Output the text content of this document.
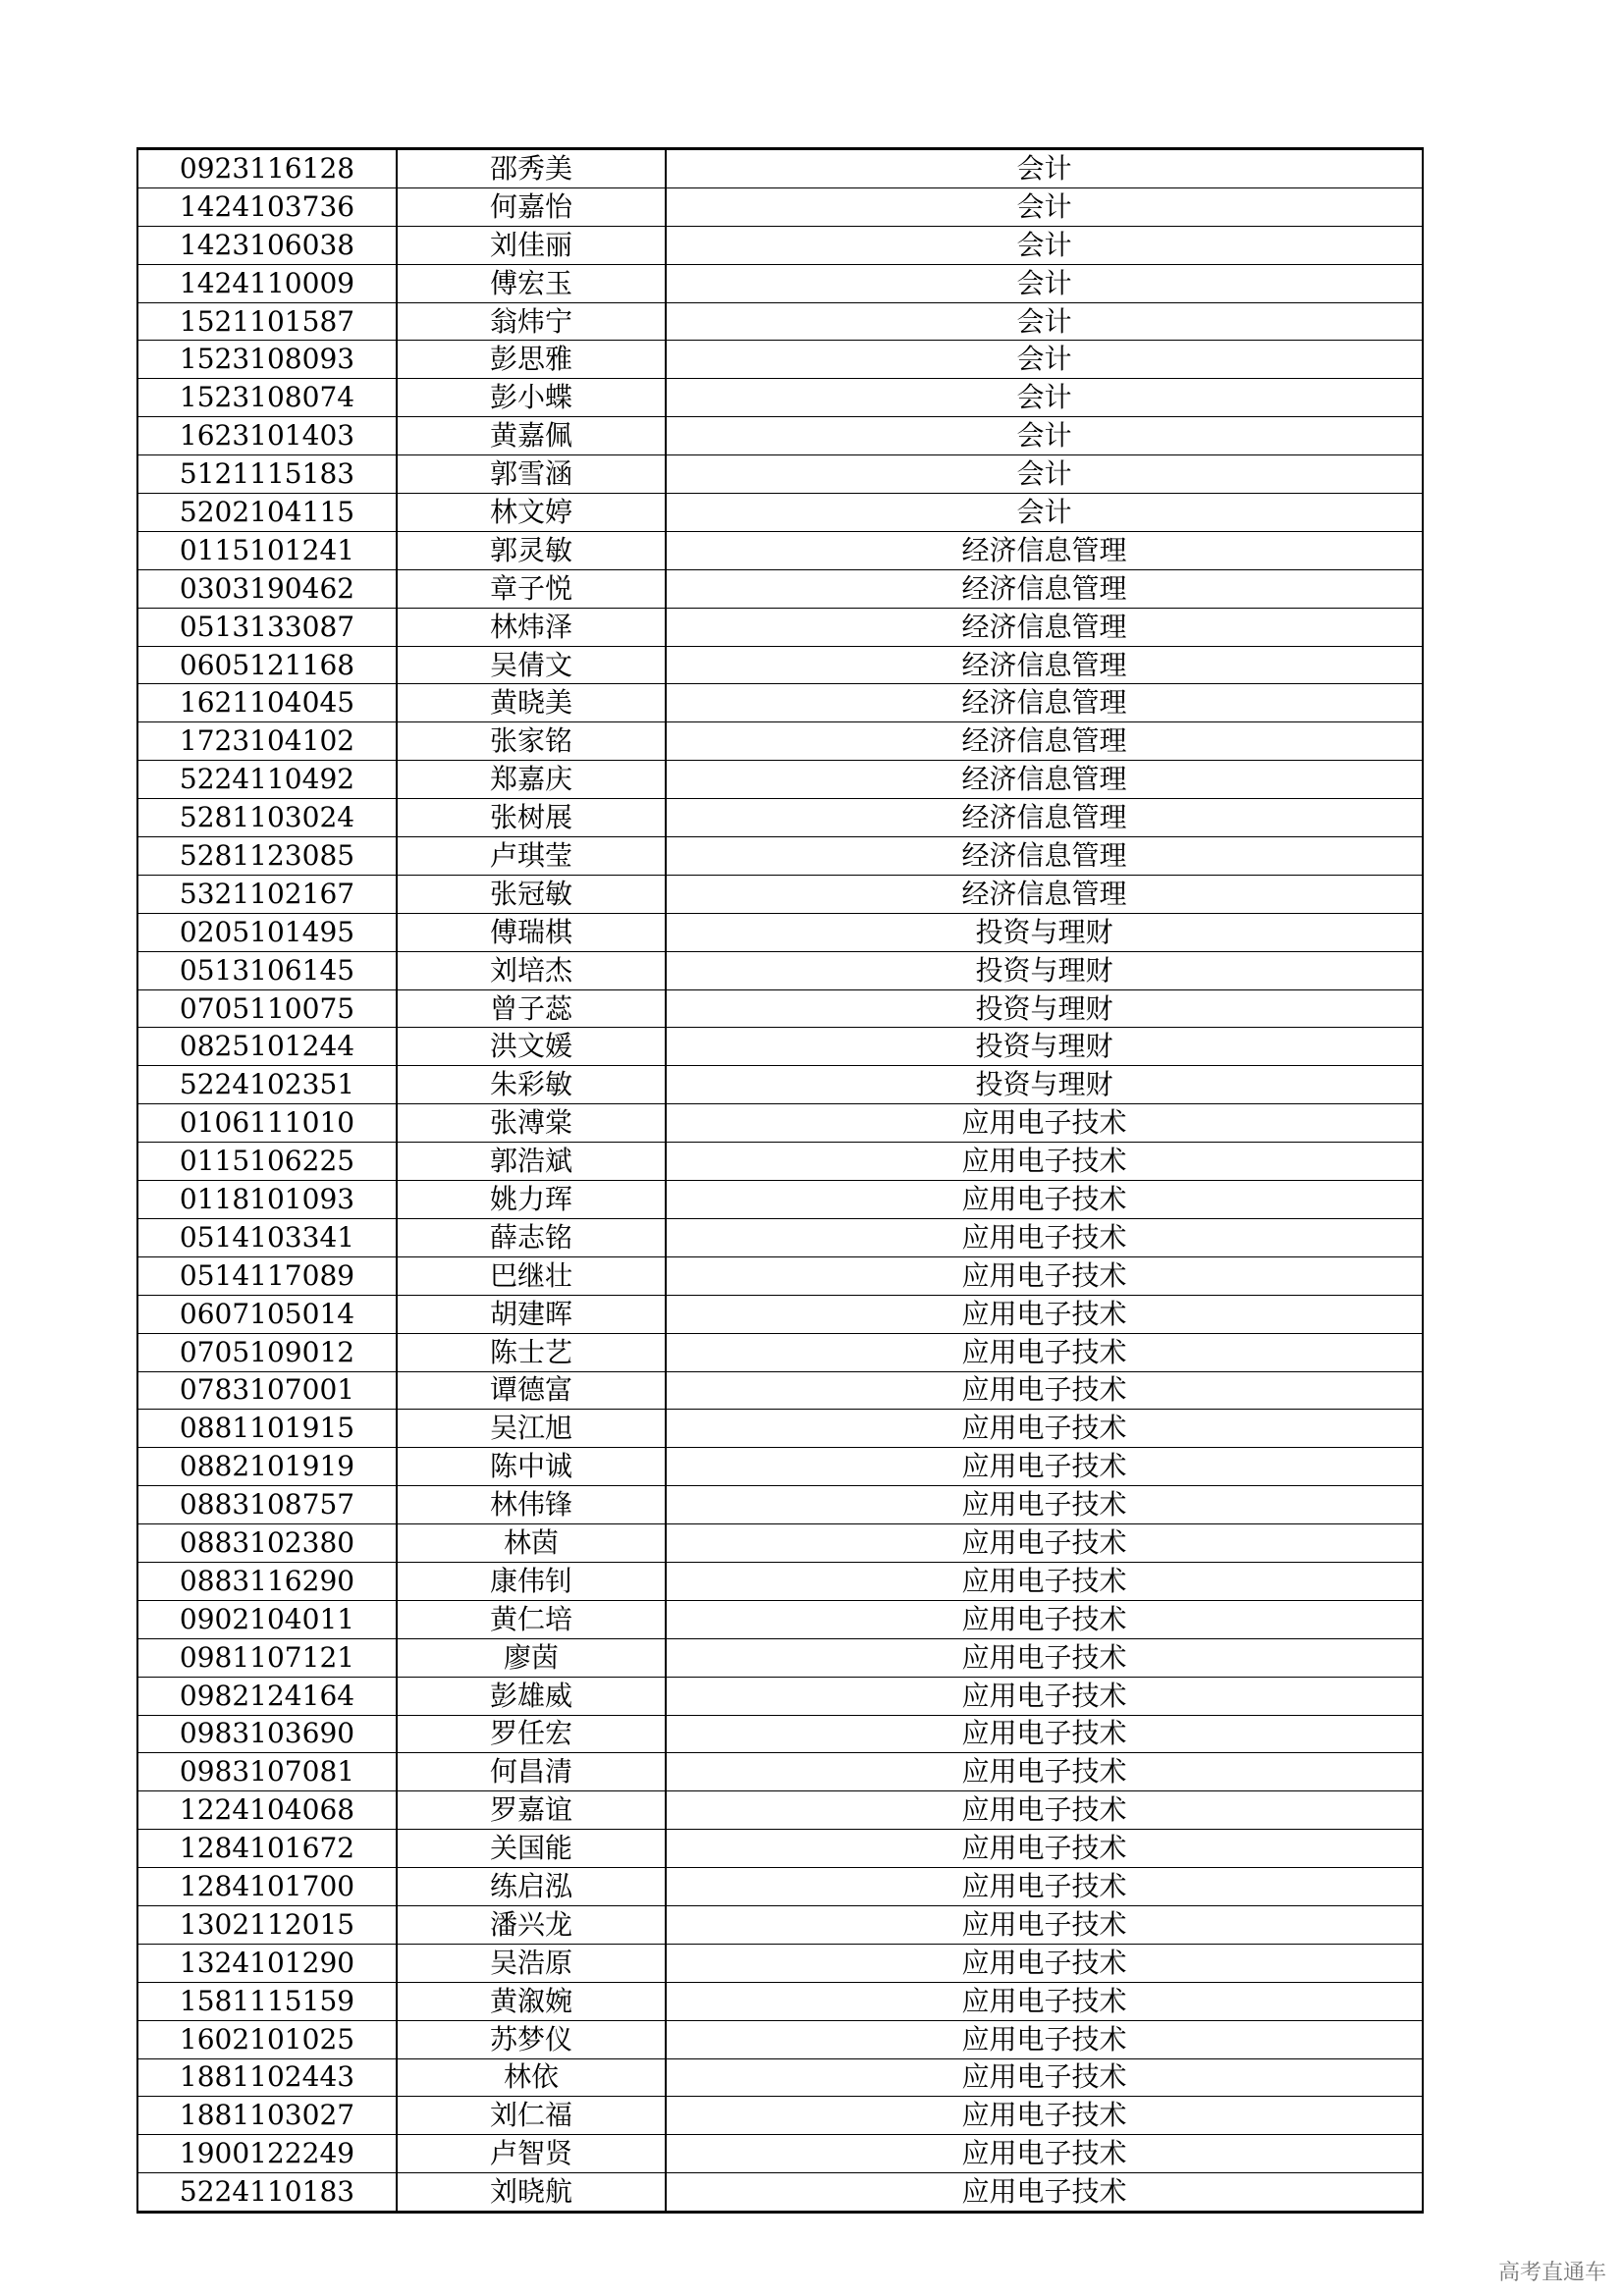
0923116128	邵秀美	会计
1424103736	何嘉怡	会计
1423106038	刘佳丽	会计
1424110009	傅宏玉	会计
1521101587	翁炜宁	会计
1523108093	彭思雅	会计
1523108074	彭小蝶	会计
1623101403	黄嘉佩	会计
5121115183	郭雪涵	会计
5202104115	林文婷	会计
0115101241	郭灵敏	经济信息管理
0303190462	章子悦	经济信息管理
0513133087	林炜泽	经济信息管理
0605121168	吴倩文	经济信息管理
1621104045	黄晓美	经济信息管理
1723104102	张家铭	经济信息管理
5224110492	郑嘉庆	经济信息管理
5281103024	张树展	经济信息管理
5281123085	卢琪莹	经济信息管理
5321102167	张冠敏	经济信息管理
0205101495	傅瑞棋	投资与理财
0513106145	刘培杰	投资与理财
0705110075	曾子蕊	投资与理财
0825101244	洪文媛	投资与理财
5224102351	朱彩敏	投资与理财
0106111010	张溥棠	应用电子技术
0115106225	郭浩斌	应用电子技术
0118101093	姚力珲	应用电子技术
0514103341	薛志铭	应用电子技术
0514117089	巴继壮	应用电子技术
0607105014	胡建晖	应用电子技术
0705109012	陈士艺	应用电子技术
0783107001	谭德富	应用电子技术
0881101915	吴江旭	应用电子技术
0882101919	陈中诚	应用电子技术
0883108757	林伟锋	应用电子技术
0883102380	林茵	应用电子技术
0883116290	康伟钊	应用电子技术
0902104011	黄仁培	应用电子技术
0981107121	廖茵	应用电子技术
0982124164	彭雄威	应用电子技术
0983103690	罗任宏	应用电子技术
0983107081	何昌清	应用电子技术
1224104068	罗嘉谊	应用电子技术
1284101672	关国能	应用电子技术
1284101700	练启泓	应用电子技术
1302112015	潘兴龙	应用电子技术
1324101290	吴浩原	应用电子技术
1581115159	黄溆婉	应用电子技术
1602101025	苏梦仪	应用电子技术
1881102443	林依	应用电子技术
1881103027	刘仁福	应用电子技术
1900122249	卢智贤	应用电子技术
5224110183	刘晓航	应用电子技术
高考直通车
